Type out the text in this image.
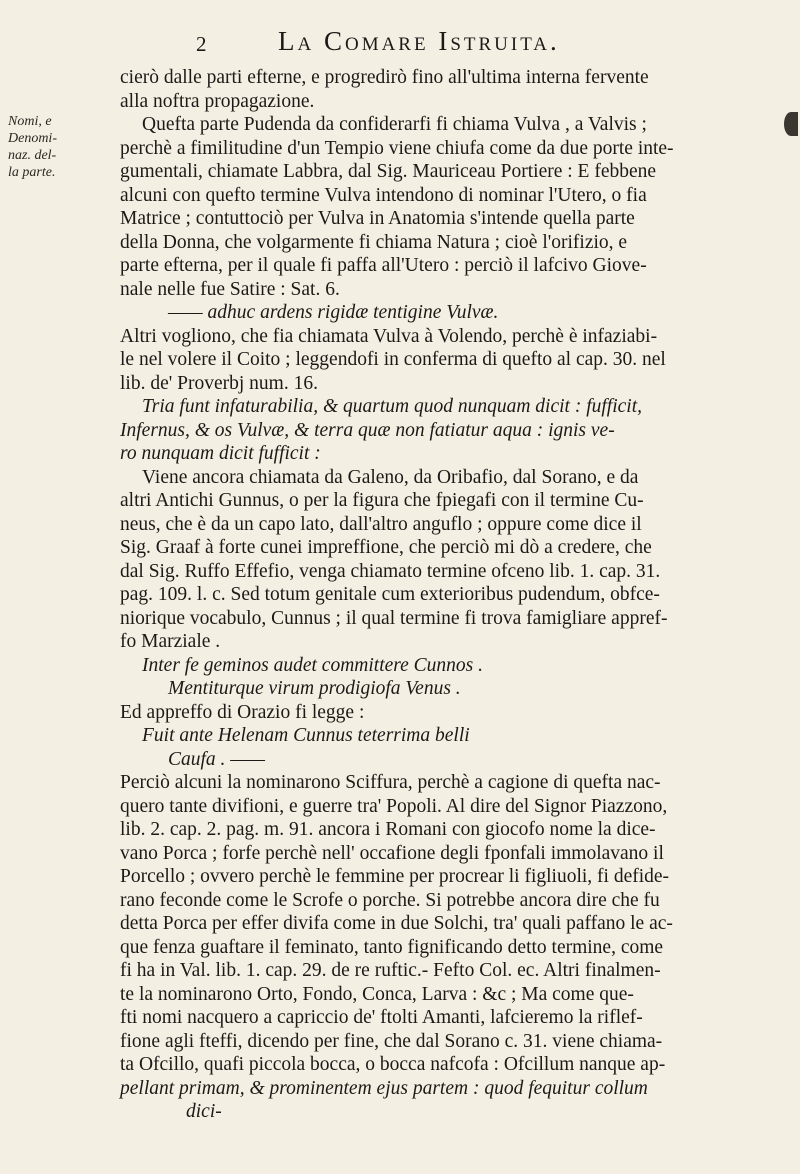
2	La Comare Istruita.
Nomi, e
Denomi-
naz. del-
la parte.
cierò dalle parti efterne, e progredirò fino all'ultima interna fervente
alla noftra propagazione.
Quefta parte Pudenda da confiderarfi fi chiama Vulva , a Valvis ;
perchè a fimilitudine d'un Tempio viene chiufa come da due porte inte-
gumentali, chiamate Labbra, dal Sig. Mauriceau Portiere : E febbene
alcuni con quefto termine Vulva intendono di nominar l'Utero, o fia
Matrice ; contuttociò per Vulva in Anatomia s'intende quella parte
della Donna, che volgarmente fi chiama Natura ; cioè l'orifizio, e
parte efterna, per il quale fi paffa all'Utero : perciò il lafcivo Giove-
nale nelle fue Satire : Sat. 6.
—— adhuc ardens rigidæ tentigine Vulvæ.
Altri vogliono, che fia chiamata Vulva à Volendo, perchè è infaziabi-
le nel volere il Coito ; leggendofi in conferma di quefto al cap. 30. nel
lib. de' Proverbj num. 16.
Tria funt infaturabilia, & quartum quod nunquam dicit : fufficit,
Infernus, & os Vulvæ, & terra quæ non fatiatur aqua : ignis ve-
ro nunquam dicit fufficit :
Viene ancora chiamata da Galeno, da Oribafio, dal Sorano, e da
altri Antichi Gunnus, o per la figura che fpiegafi con il termine Cu-
neus, che è da un capo lato, dall'altro anguflo ; oppure come dice il
Sig. Graaf à forte cunei impreffione, che perciò mi dò a credere, che
dal Sig. Ruffo Effefio, venga chiamato termine ofceno lib. 1. cap. 31.
pag. 109. l. c. Sed totum genitale cum exterioribus pudendum, obfce-
niorique vocabulo, Cunnus ; il qual termine fi trova famigliare appref-
fo Marziale .
Inter fe geminos audet committere Cunnos .
Mentiturque virum prodigiofa Venus .
Ed appreffo di Orazio fi legge :
Fuit ante Helenam Cunnus teterrima belli
Caufa . ——
Perciò alcuni la nominarono Sciffura, perchè a cagione di quefta nac-
quero tante divifioni, e guerre tra' Popoli. Al dire del Signor Piazzono,
lib. 2. cap. 2. pag. m. 91. ancora i Romani con giocofo nome la dice-
vano Porca ; forfe perchè nell' occafione degli fponfali immolavano il
Porcello ; ovvero perchè le femmine per procrear li figliuoli, fi defide-
rano feconde come le Scrofe o porche. Si potrebbe ancora dire che fu
detta Porca per effer divifa come in due Solchi, tra' quali paffano le ac-
que fenza guaftare il feminato, tanto fignificando detto termine, come
fi ha in Val. lib. 1. cap. 29. de re ruftic.- Fefto Col. ec. Altri finalmen-
te la nominarono Orto, Fondo, Conca, Larva : &c ; Ma come que-
fti nomi nacquero a capriccio de' ftolti Amanti, lafcieremo la riflef-
fione agli fteffi, dicendo per fine, che dal Sorano c. 31. viene chiama-
ta Ofcillo, quafi piccola bocca, o bocca nafcofa : Ofcillum nanque ap-
pellant primam, & prominentem ejus partem : quod fequitur collum
dici-
